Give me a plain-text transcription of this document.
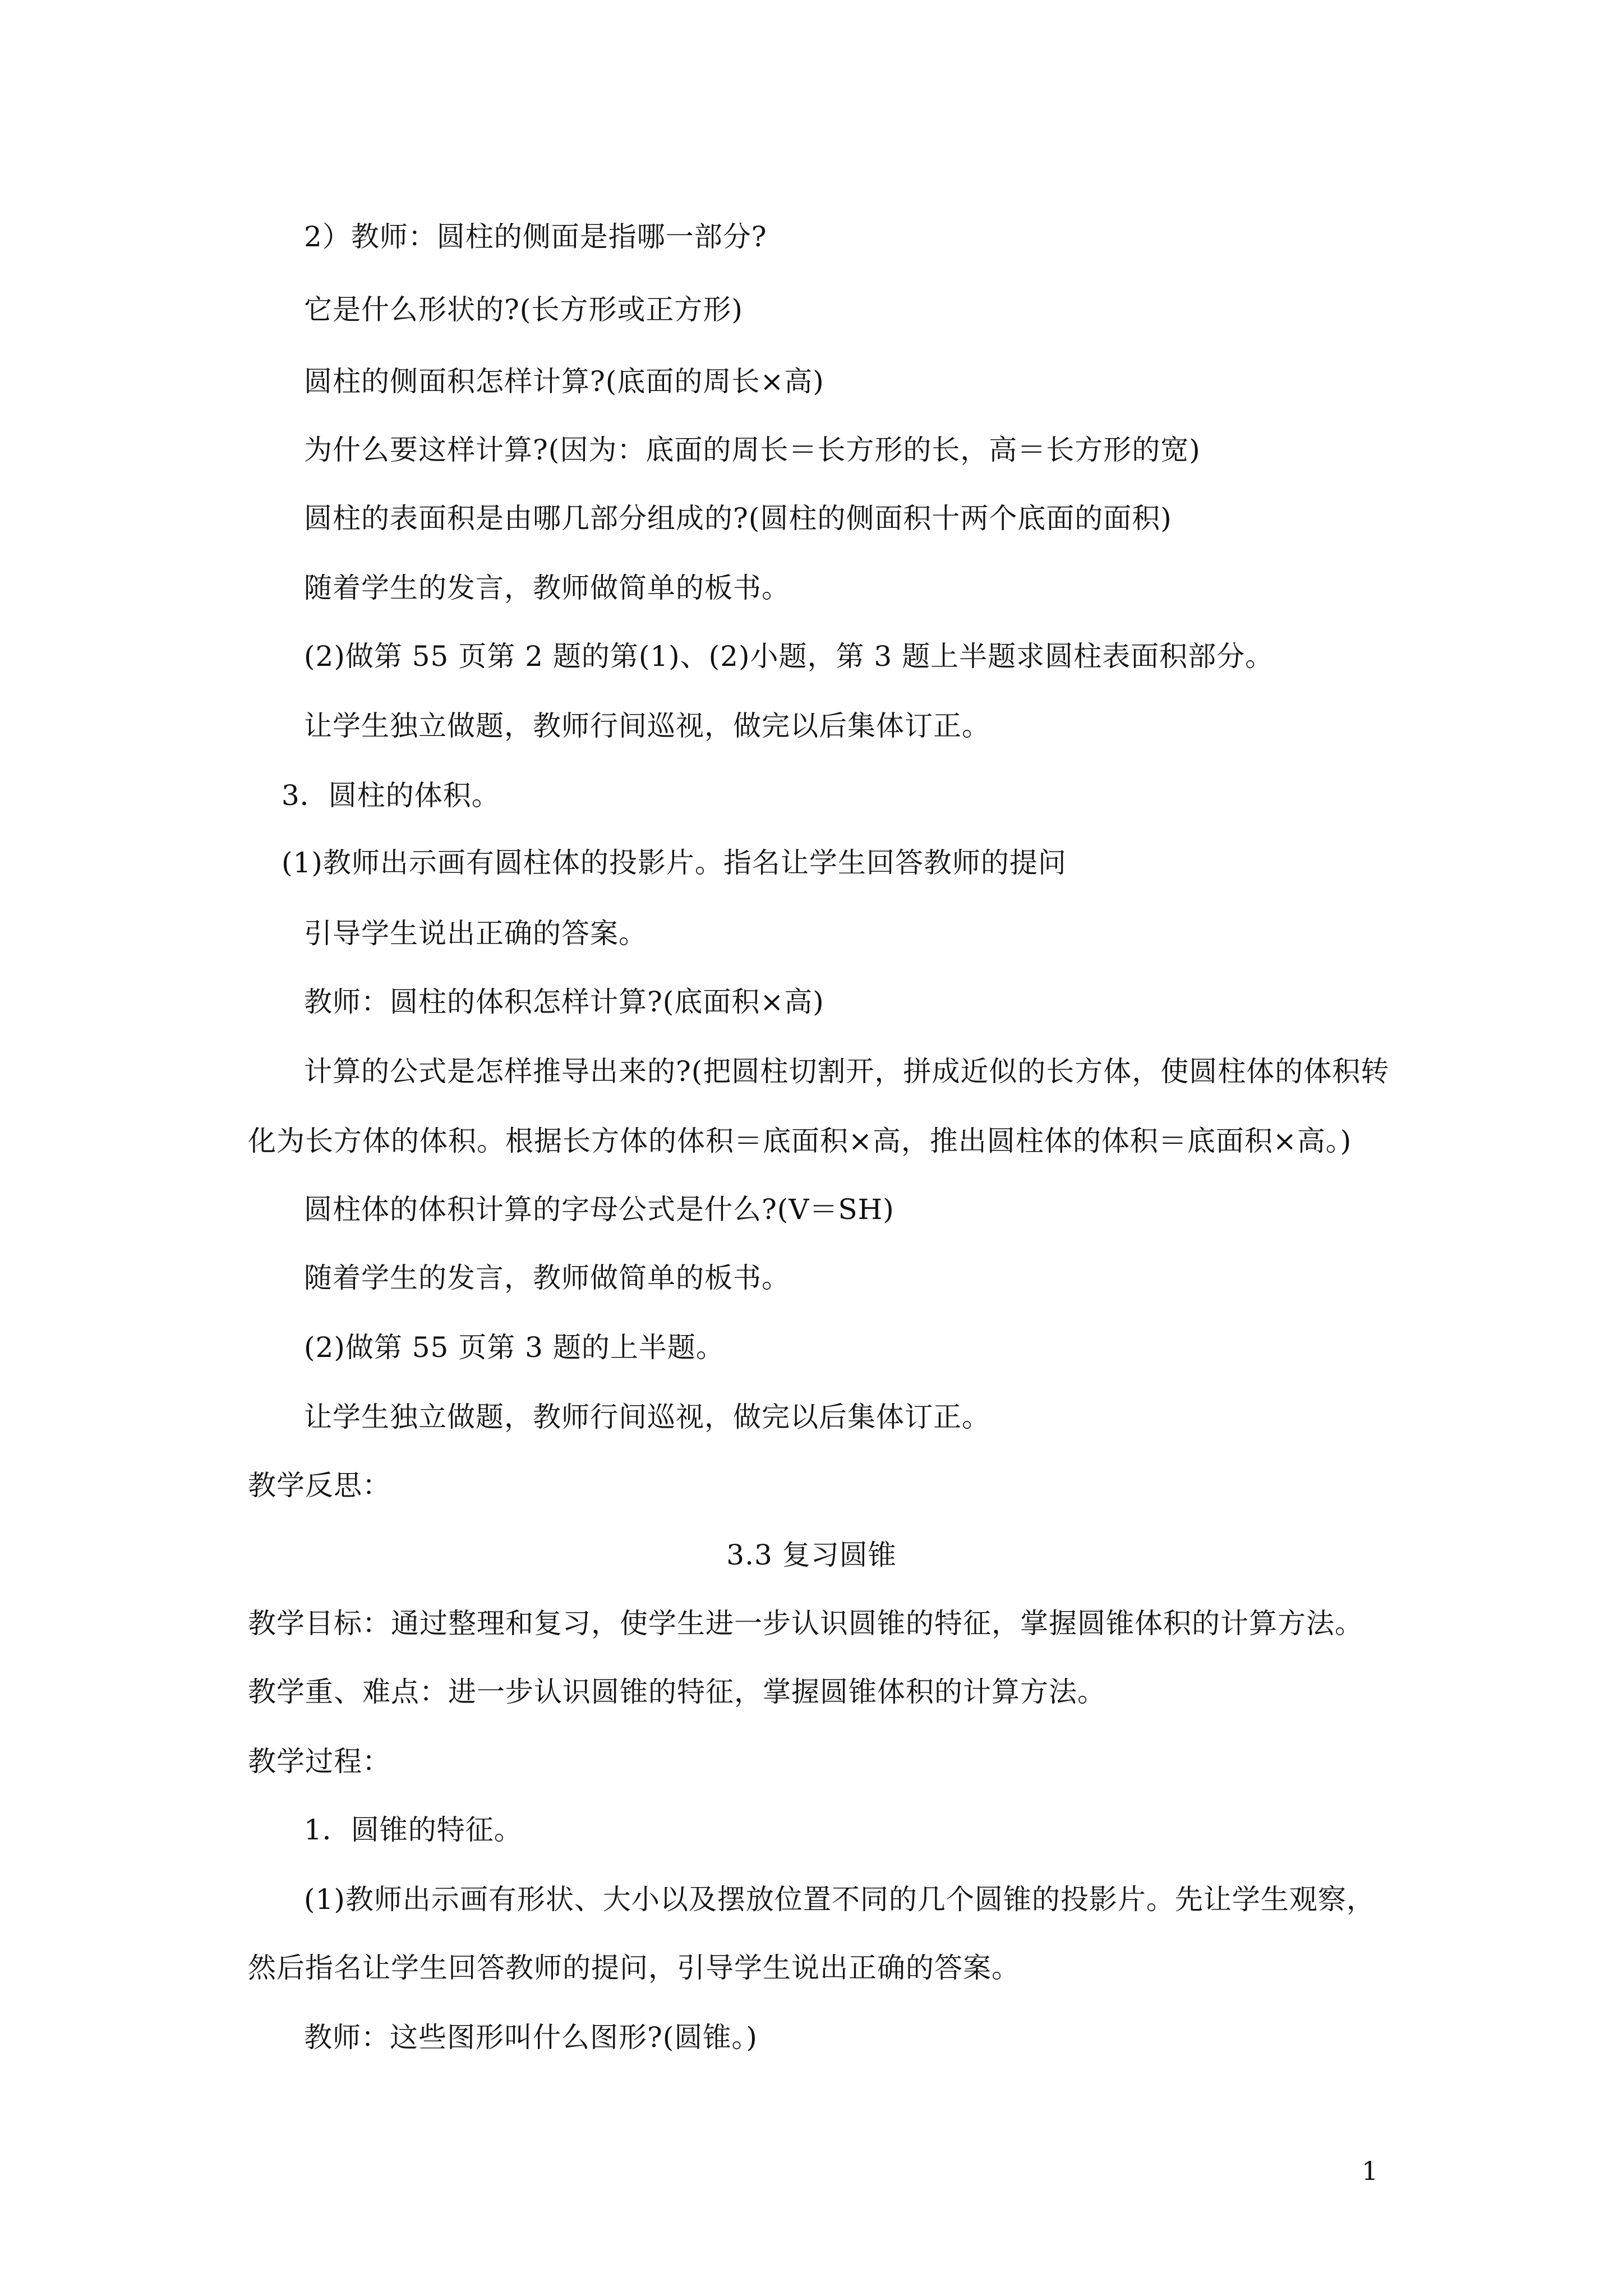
2）教师：圆柱的侧面是指哪一部分?
它是什么形状的?(长方形或正方形)
圆柱的侧面积怎样计算?(底面的周长×高)
为什么要这样计算?(因为：底面的周长＝长方形的长，高＝长方形的宽)
圆柱的表面积是由哪几部分组成的?(圆柱的侧面积十两个底面的面积)
随着学生的发言，教师做简单的板书。
(2)做第 55 页第 2 题的第(1)、(2)小题，第 3 题上半题求圆柱表面积部分。
让学生独立做题，教师行间巡视，做完以后集体订正。
3．圆柱的体积。
(1)教师出示画有圆柱体的投影片。指名让学生回答教师的提问
引导学生说出正确的答案。
教师：圆柱的体积怎样计算?(底面积×高)
计算的公式是怎样推导出来的?(把圆柱切割开，拼成近似的长方体，使圆柱体的体积转
化为长方体的体积。根据长方体的体积＝底面积×高，推出圆柱体的体积＝底面积×高。)
圆柱体的体积计算的字母公式是什么?(V＝SH)
随着学生的发言，教师做简单的板书。
(2)做第 55 页第 3 题的上半题。
让学生独立做题，教师行间巡视，做完以后集体订正。
教学反思：
3.3 复习圆锥
教学目标：通过整理和复习，使学生进一步认识圆锥的特征，掌握圆锥体积的计算方法。
教学重、难点：进一步认识圆锥的特征，掌握圆锥体积的计算方法。
教学过程：
1．圆锥的特征。
(1)教师出示画有形状、大小以及摆放位置不同的几个圆锥的投影片。先让学生观察，
然后指名让学生回答教师的提问，引导学生说出正确的答案。
教师：这些图形叫什么图形?(圆锥。)
1
